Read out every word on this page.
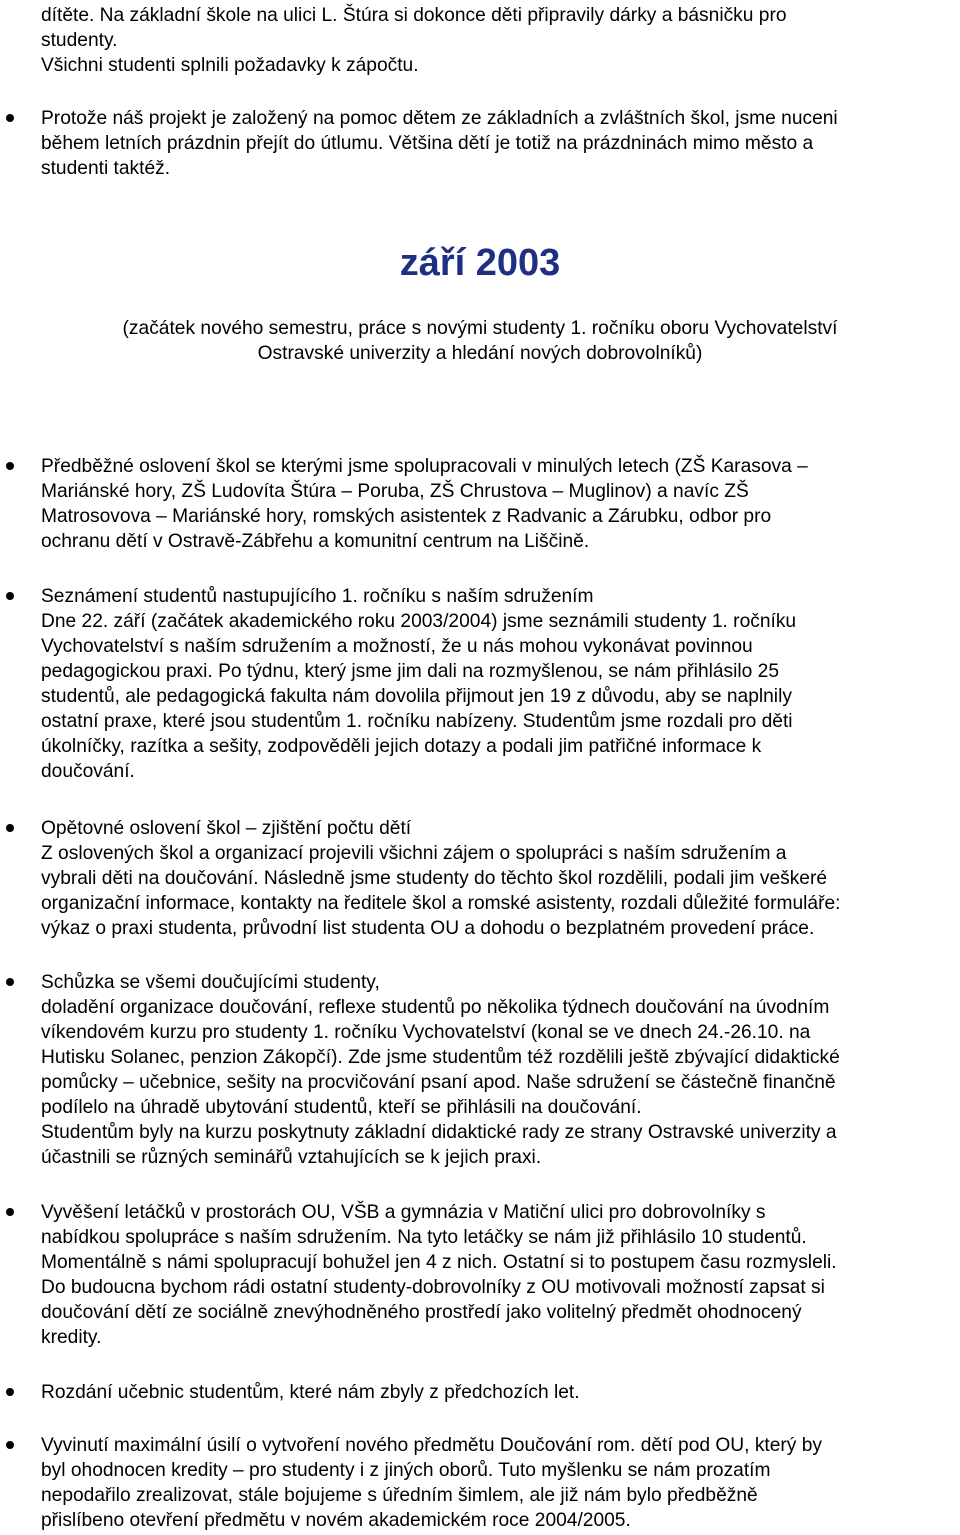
dítěte. Na základní škole na ulici L. Štúra si dokonce děti připravily dárky a básničku pro
studenty.
Všichni studenti splnili požadavky k zápočtu.
Protože náš projekt je založený na pomoc dětem ze základních a zvláštních škol, jsme nuceni
během letních prázdnin přejít do útlumu. Většina dětí je totiž na prázdninách mimo město a
studenti taktéž.
září 2003
(začátek nového semestru, práce s novými studenty 1. ročníku oboru Vychovatelství
Ostravské univerzity a hledání nových dobrovolníků)
Předběžné oslovení škol se kterými jsme spolupracovali v minulých letech (ZŠ Karasova –
Mariánské hory, ZŠ Ludovíta Štúra – Poruba, ZŠ Chrustova – Muglinov) a navíc ZŠ
Matrosovova – Mariánské hory, romských asistentek z Radvanic a Zárubku, odbor pro
ochranu dětí v Ostravě-Zábřehu a komunitní centrum na Liščině.
Seznámení studentů nastupujícího 1. ročníku s naším sdružením
Dne 22. září (začátek akademického roku 2003/2004) jsme seznámili studenty 1. ročníku
Vychovatelství s naším sdružením a možností, že u nás mohou vykonávat povinnou
pedagogickou praxi. Po týdnu, který jsme jim dali na rozmyšlenou, se nám přihlásilo 25
studentů, ale pedagogická fakulta nám dovolila přijmout jen 19 z důvodu, aby se naplnily
ostatní praxe, které jsou studentům 1. ročníku nabízeny. Studentům jsme rozdali pro děti
úkolníčky, razítka a sešity, zodpověděli jejich dotazy a podali jim patřičné informace k
doučování.
Opětovné oslovení škol – zjištění počtu dětí
Z oslovených škol a organizací projevili všichni zájem o spolupráci s naším sdružením a
vybrali děti na doučování. Následně jsme studenty do těchto škol rozdělili, podali jim veškeré
organizační informace, kontakty na ředitele škol a romské asistenty, rozdali důležité formuláře:
výkaz o praxi studenta, průvodní list studenta OU a dohodu o bezplatném provedení práce.
Schůzka se všemi doučujícími studenty,
doladění organizace doučování, reflexe studentů po několika týdnech doučování na úvodním
víkendovém kurzu pro studenty 1. ročníku Vychovatelství (konal se ve dnech 24.-26.10. na
Hutisku Solanec, penzion Zákopčí). Zde jsme studentům též rozdělili ještě zbývající didaktické
pomůcky – učebnice, sešity na procvičování psaní apod. Naše sdružení se částečně finančně
podílelo na úhradě ubytování studentů, kteří se přihlásili na doučování.
Studentům byly na kurzu poskytnuty základní didaktické rady ze strany Ostravské univerzity a
účastnili se různých seminářů vztahujících se k jejich praxi.
Vyvěšení letáčků v prostorách OU, VŠB a gymnázia v Matiční ulici pro dobrovolníky s
nabídkou spolupráce s naším sdružením. Na tyto letáčky se nám již přihlásilo 10 studentů.
Momentálně s námi spolupracují bohužel jen 4 z nich. Ostatní si to postupem času rozmysleli.
Do budoucna bychom rádi ostatní studenty-dobrovolníky z OU motivovali možností zapsat si
doučování dětí ze sociálně znevýhodněného prostředí jako volitelný předmět ohodnocený
kredity.
Rozdání učebnic studentům, které nám zbyly z předchozích let.
Vyvinutí maximální úsilí o vytvoření nového předmětu Doučování rom. dětí pod OU, který by
byl ohodnocen kredity – pro studenty i z jiných oborů. Tuto myšlenku se nám prozatím
nepodařilo zrealizovat, stále bojujeme s úředním šimlem, ale již nám bylo předběžně
přislíbeno otevření předmětu v novém akademickém roce 2004/2005.
